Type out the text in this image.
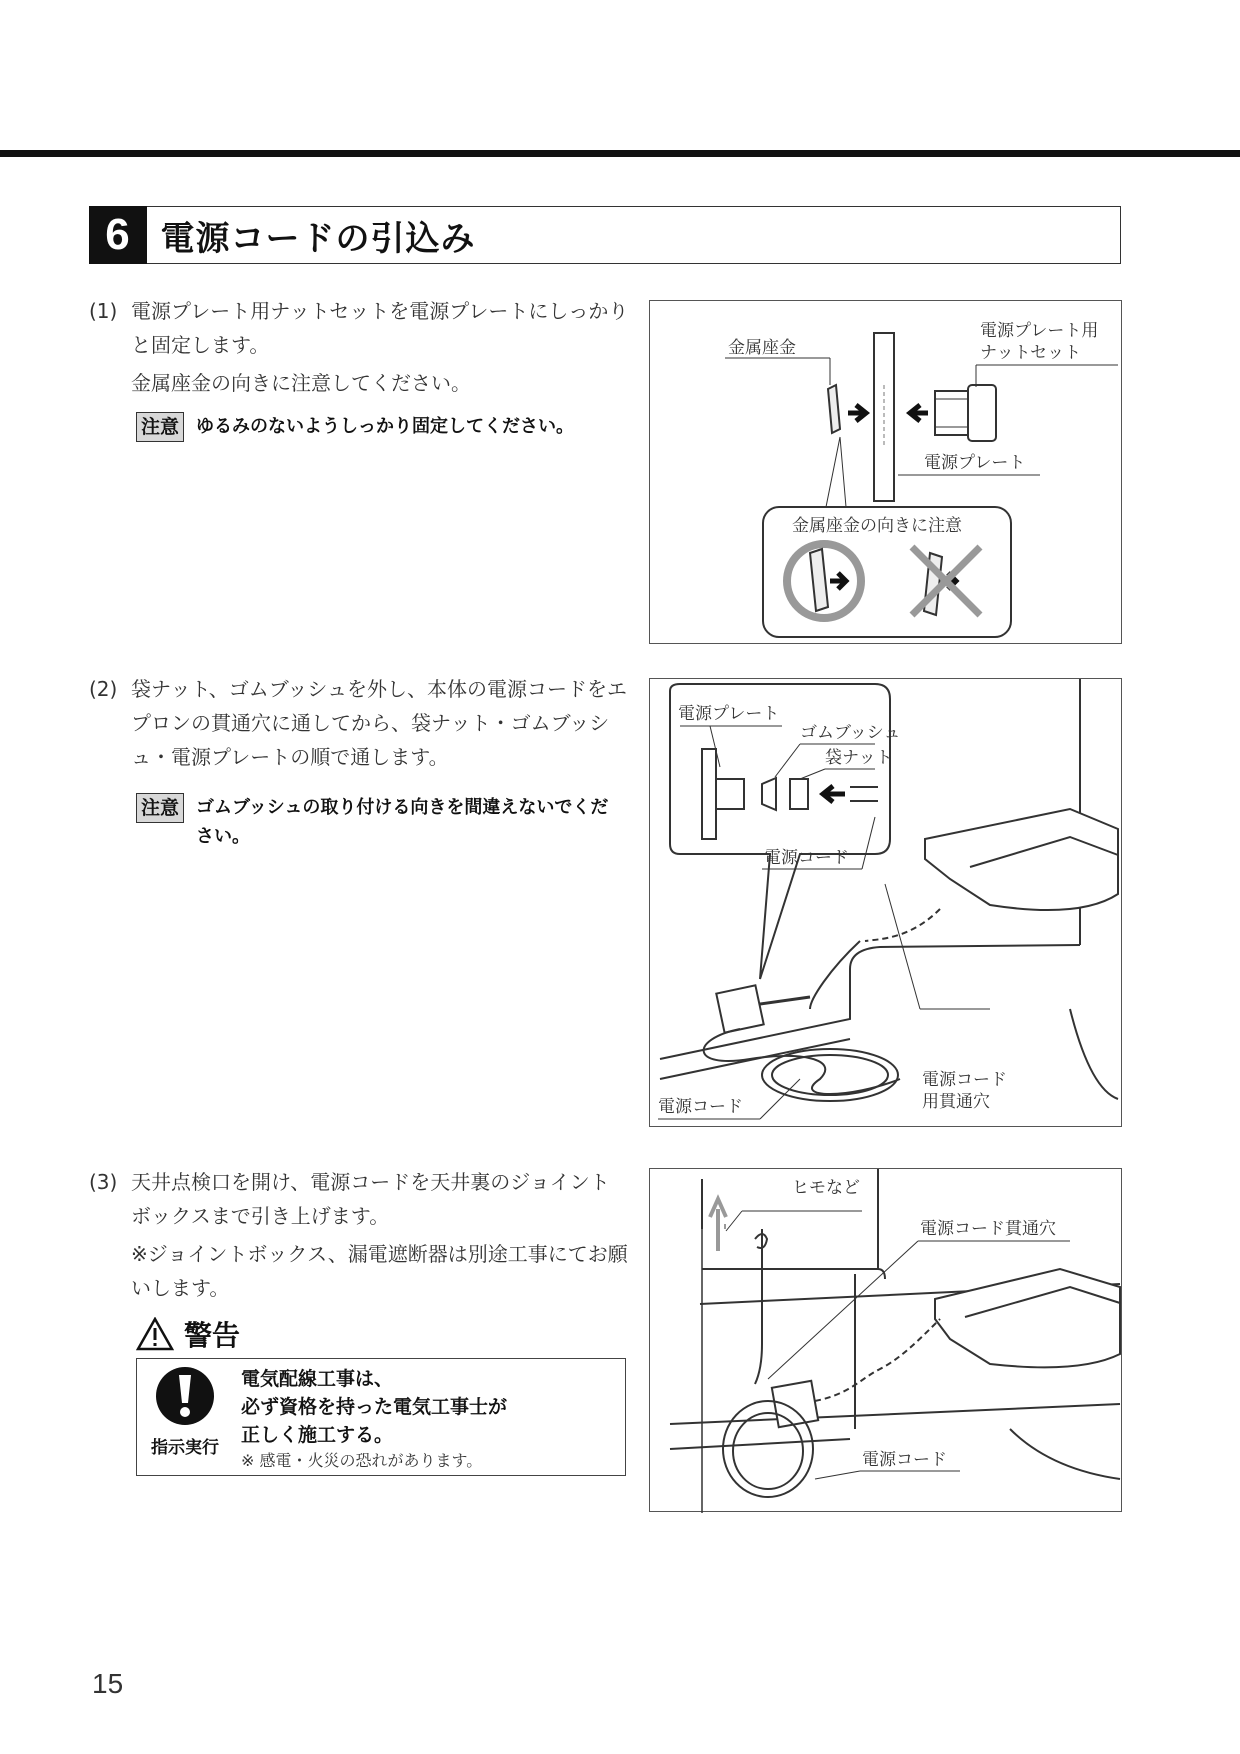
6 電源コードの引込み
(1) 電源プレート用ナットセットを電源プレートにしっかりと固定します。
金属座金の向きに注意してください。
注意 ゆるみのないようしっかり固定してください。
金属座金
電源プレート用
ナットセット
電源プレート
金属座金の向きに注意
(2) 袋ナット、ゴムブッシュを外し、本体の電源コードをエプロンの貫通穴に通してから、袋ナット・ゴムブッシュ・電源プレートの順で通します。
注意 ゴムブッシュの取り付ける向きを間違えないでください。
電源プレート
ゴムブッシュ
袋ナット
電源コード
電源コード
用貫通穴
電源コード
(3) 天井点検口を開け、電源コードを天井裏のジョイントボックスまで引き上げます。
※ジョイントボックス、漏電遮断器は別途工事にてお願いします。
警告
指示実行
電気配線工事は、
必ず資格を持った電気工事士が
正しく施工する。
※ 感電・火災の恐れがあります。
ヒモなど
電源コード貫通穴
電源コード
15
